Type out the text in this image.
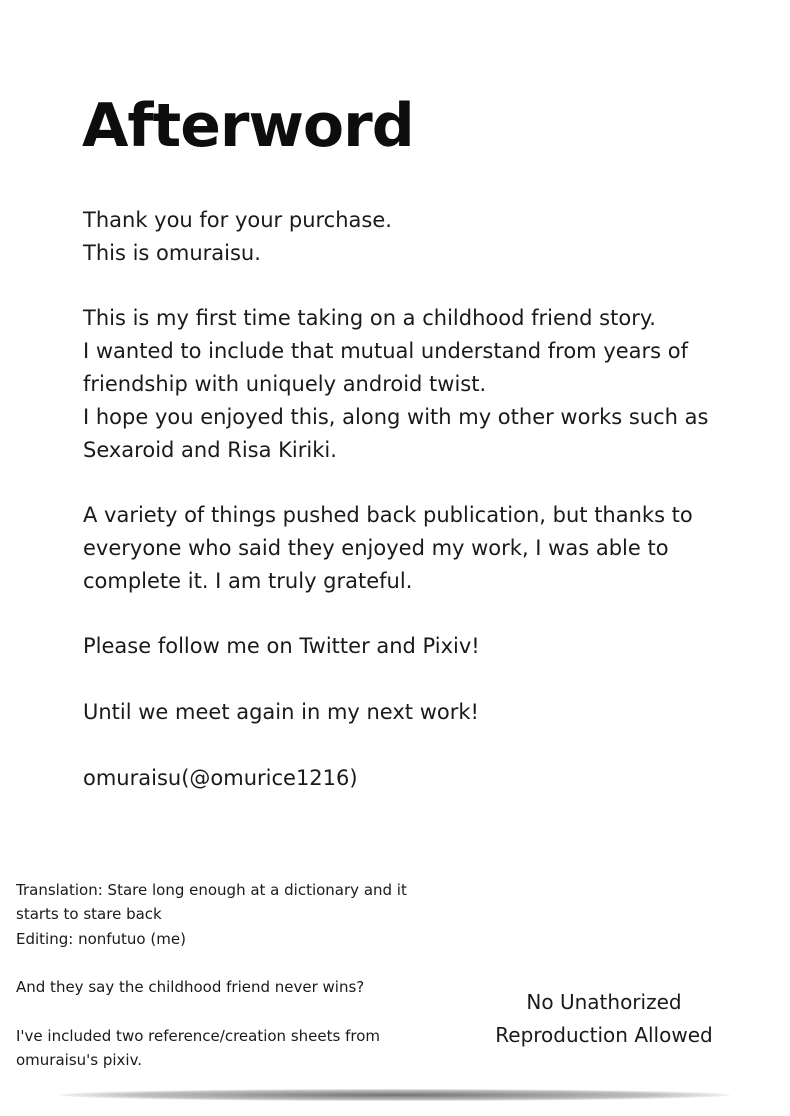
Afterword

Thank you for your purchase.
This is omuraisu.

This is my first time taking on a childhood friend story.
I wanted to include that mutual understand from years of
friendship with uniquely android twist.
I hope you enjoyed this, along with my other works such as
Sexaroid and Risa Kiriki.

A variety of things pushed back publication, but thanks to
everyone who said they enjoyed my work, I was able to
complete it. I am truly grateful.

Please follow me on Twitter and Pixiv!

Until we meet again in my next work!

omuraisu(@omurice1216)

Translation: Stare long enough at a dictionary and it
starts to stare back
Editing: nonfutuo (me)

And they say the childhood friend never wins?

I've included two reference/creation sheets from
omuraisu's pixiv.

No Unathorized
Reproduction Allowed
